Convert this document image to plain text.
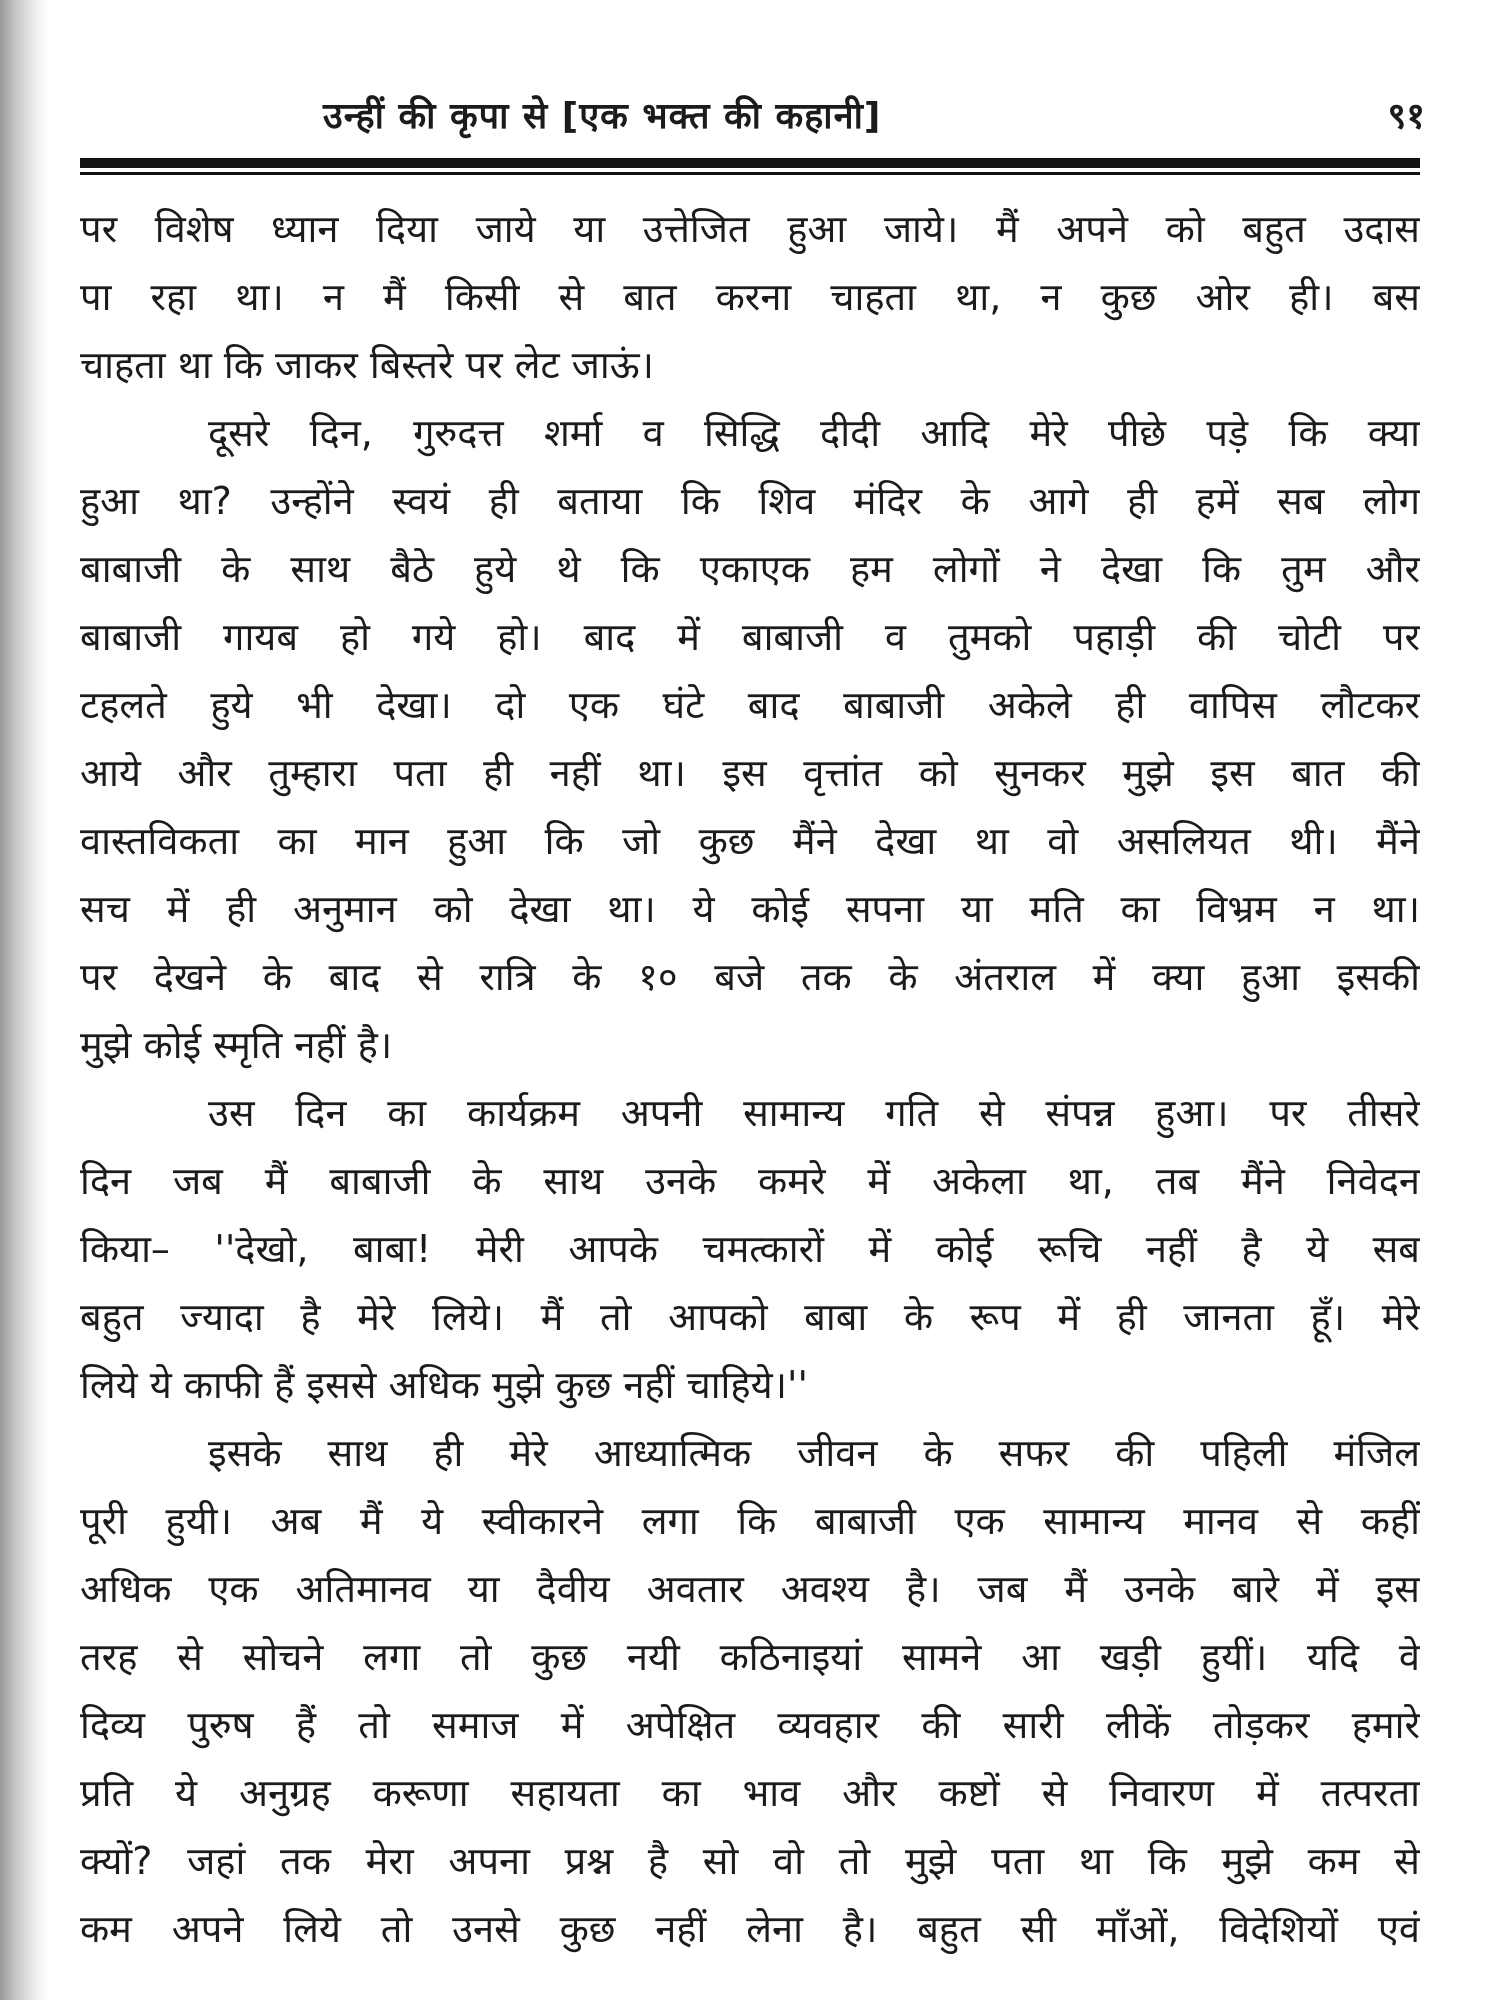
उन्हीं की कृपा से [एक भक्त की कहानी]	९१
पर विशेष ध्यान दिया जाये या उत्तेजित हुआ जाये। मैं अपने को बहुत उदास
पा रहा था। न मैं किसी से बात करना चाहता था, न कुछ ओर ही। बस
चाहता था कि जाकर बिस्तरे पर लेट जाऊं।
दूसरे दिन, गुरुदत्त शर्मा व सिद्धि दीदी आदि मेरे पीछे पड़े कि क्या
हुआ था? उन्होंने स्वयं ही बताया कि शिव मंदिर के आगे ही हमें सब लोग
बाबाजी के साथ बैठे हुये थे कि एकाएक हम लोगों ने देखा कि तुम और
बाबाजी गायब हो गये हो। बाद में बाबाजी व तुमको पहाड़ी की चोटी पर
टहलते हुये भी देखा। दो एक घंटे बाद बाबाजी अकेले ही वापिस लौटकर
आये और तुम्हारा पता ही नहीं था। इस वृत्तांत को सुनकर मुझे इस बात की
वास्तविकता का मान हुआ कि जो कुछ मैंने देखा था वो असलियत थी। मैंने
सच में ही अनुमान को देखा था। ये कोई सपना या मति का विभ्रम न था।
पर देखने के बाद से रात्रि के १० बजे तक के अंतराल में क्या हुआ इसकी
मुझे कोई स्मृति नहीं है।
उस दिन का कार्यक्रम अपनी सामान्य गति से संपन्न हुआ। पर तीसरे
दिन जब मैं बाबाजी के साथ उनके कमरे में अकेला था, तब मैंने निवेदन
किया– ''देखो, बाबा! मेरी आपके चमत्कारों में कोई रूचि नहीं है ये सब
बहुत ज्यादा है मेरे लिये। मैं तो आपको बाबा के रूप में ही जानता हूँ। मेरे
लिये ये काफी हैं इससे अधिक मुझे कुछ नहीं चाहिये।''
इसके साथ ही मेरे आध्यात्मिक जीवन के सफर की पहिली मंजिल
पूरी हुयी। अब मैं ये स्वीकारने लगा कि बाबाजी एक सामान्य मानव से कहीं
अधिक एक अतिमानव या दैवीय अवतार अवश्य है। जब मैं उनके बारे में इस
तरह से सोचने लगा तो कुछ नयी कठिनाइयां सामने आ खड़ी हुयीं। यदि वे
दिव्य पुरुष हैं तो समाज में अपेक्षित व्यवहार की सारी लीकें तोड़कर हमारे
प्रति ये अनुग्रह करूणा सहायता का भाव और कष्टों से निवारण में तत्परता
क्यों? जहां तक मेरा अपना प्रश्न है सो वो तो मुझे पता था कि मुझे कम से
कम अपने लिये तो उनसे कुछ नहीं लेना है। बहुत सी माँओं, विदेशियों एवं
